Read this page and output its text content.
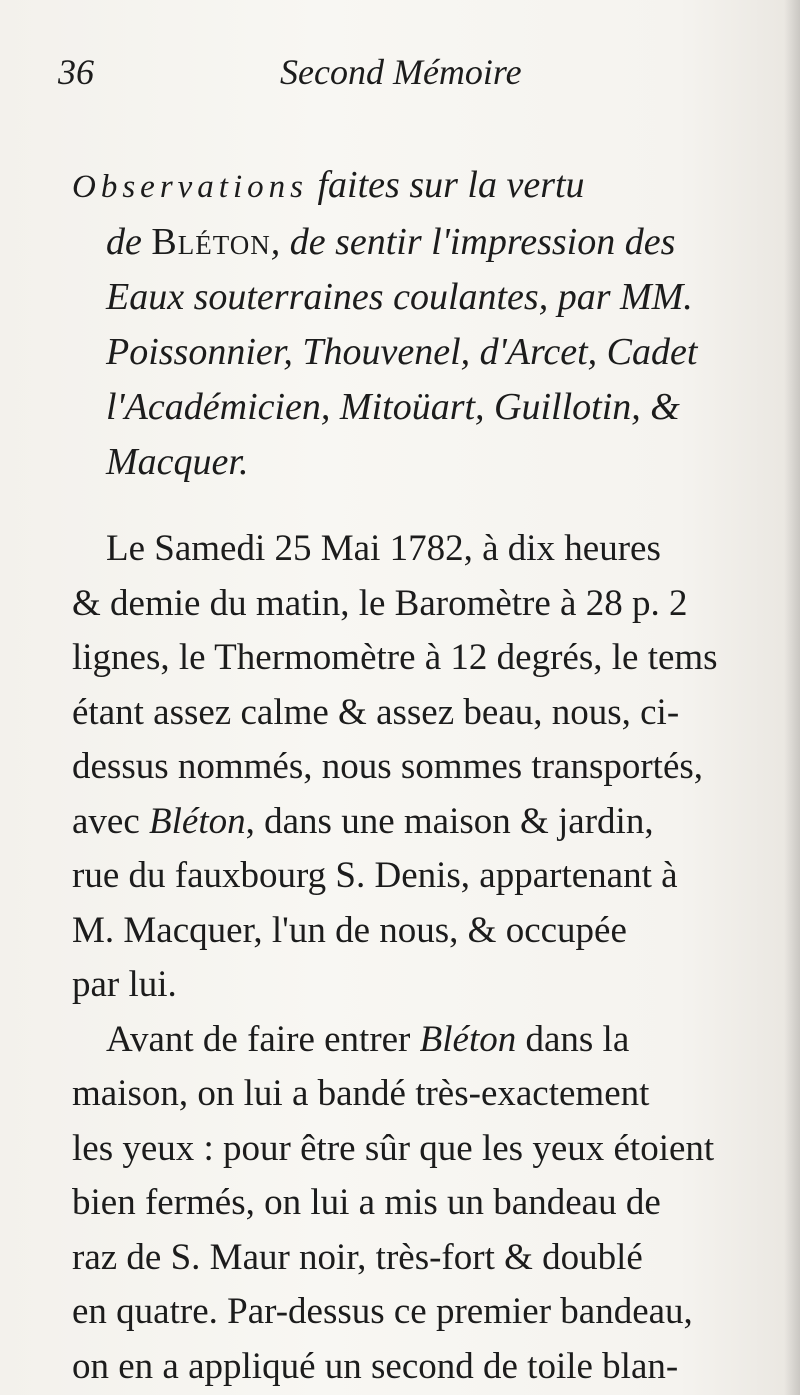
36	Second Mémoire
Observations faites sur la vertu
de Bléton, de sentir l'impression des
Eaux souterraines coulantes, par MM.
Poissonnier, Thouvenel, d'Arcet, Cadet
l'Académicien, Mitoüart, Guillotin, &
Macquer.
Le Samedi 25 Mai 1782, à dix heures
& demie du matin, le Baromètre à 28 p. 2
lignes, le Thermomètre à 12 degrés, le tems
étant assez calme & assez beau, nous, ci-
dessus nommés, nous sommes transportés,
avec Bléton, dans une maison & jardin,
rue du fauxbourg S. Denis, appartenant à
M. Macquer, l'un de nous, & occupée
par lui.
Avant de faire entrer Bléton dans la
maison, on lui a bandé très-exactement
les yeux : pour être sûr que les yeux étoient
bien fermés, on lui a mis un bandeau de
raz de S. Maur noir, très-fort & doublé
en quatre. Par-dessus ce premier bandeau,
on en a appliqué un second de toile blan-
